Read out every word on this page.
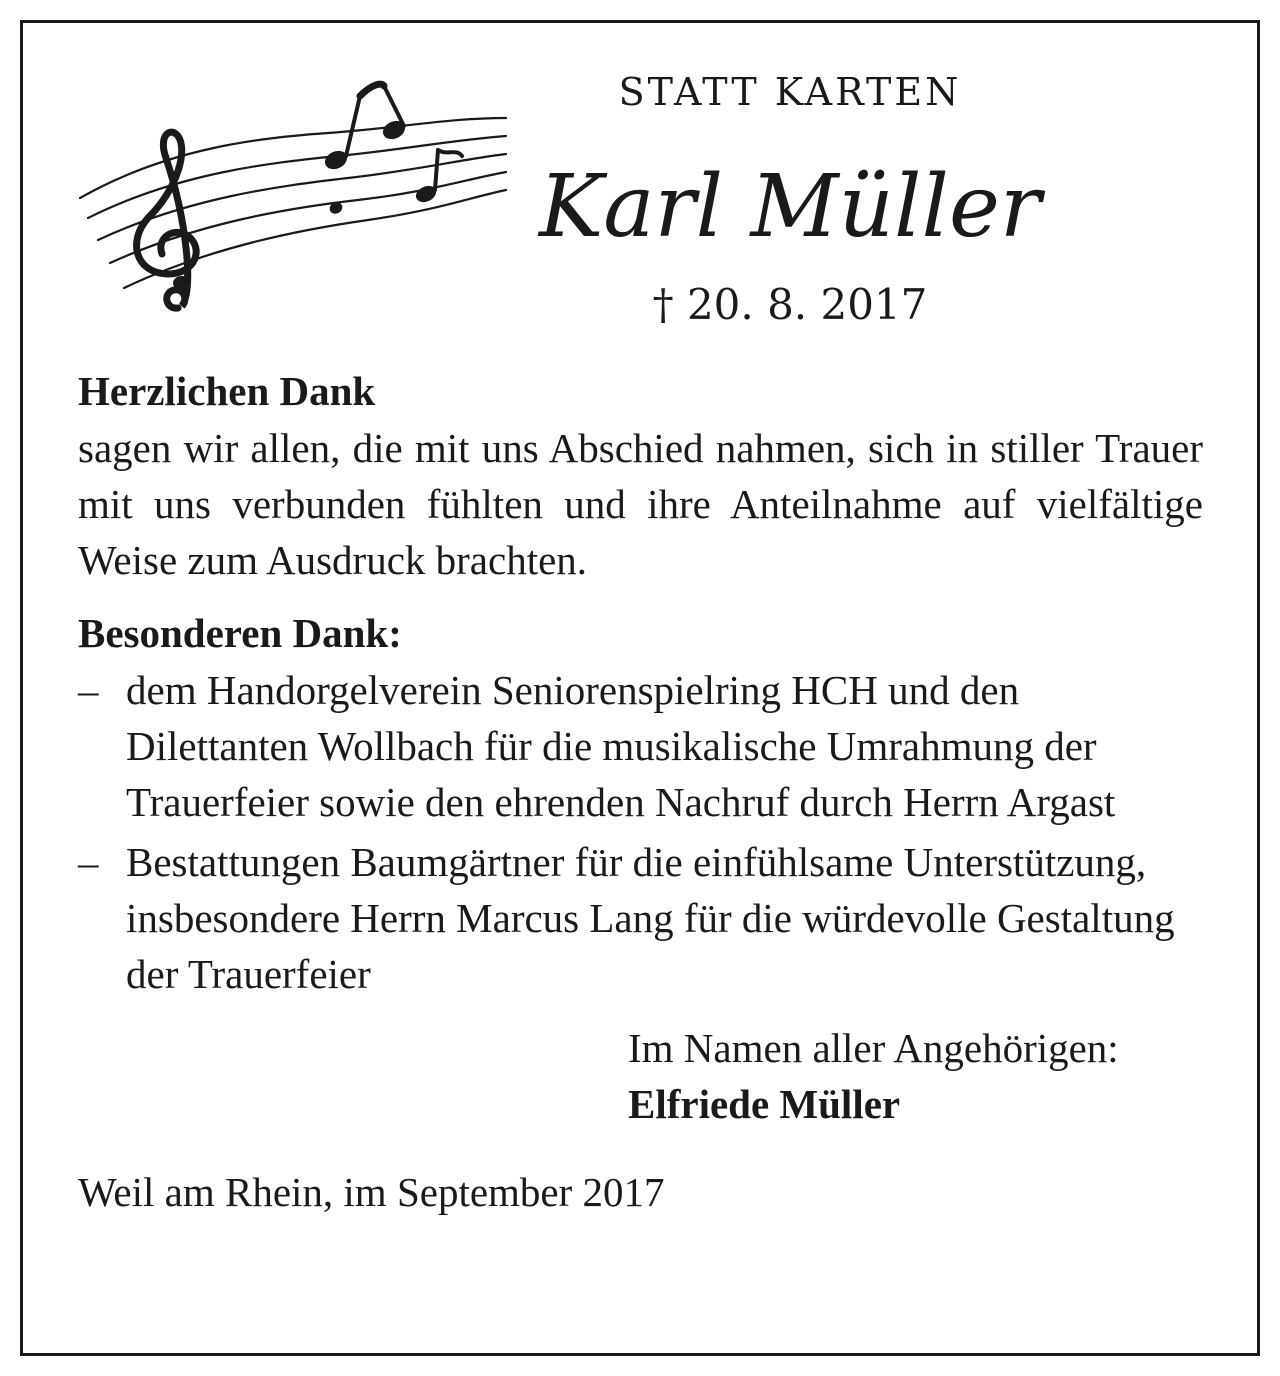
STATT KARTEN
Karl Müller
† 20. 8. 2017

Herzlichen Dank

sagen wir allen, die mit uns Abschied nahmen, sich in stiller Trauer mit uns verbunden fühlten und ihre Anteilnahme auf vielfältige Weise zum Ausdruck brachten.

Besonderen Dank:

– dem Handorgelverein Seniorenspielring HCH und den Dilettanten Wollbach für die musikalische Umrahmung der Trauerfeier sowie den ehrenden Nachruf durch Herrn Argast
– Bestattungen Baumgärtner für die einfühlsame Unterstützung, insbesondere Herrn Marcus Lang für die würdevolle Gestaltung der Trauerfeier
Im Namen aller Angehörigen:
Elfriede Müller
Weil am Rhein, im September 2017
